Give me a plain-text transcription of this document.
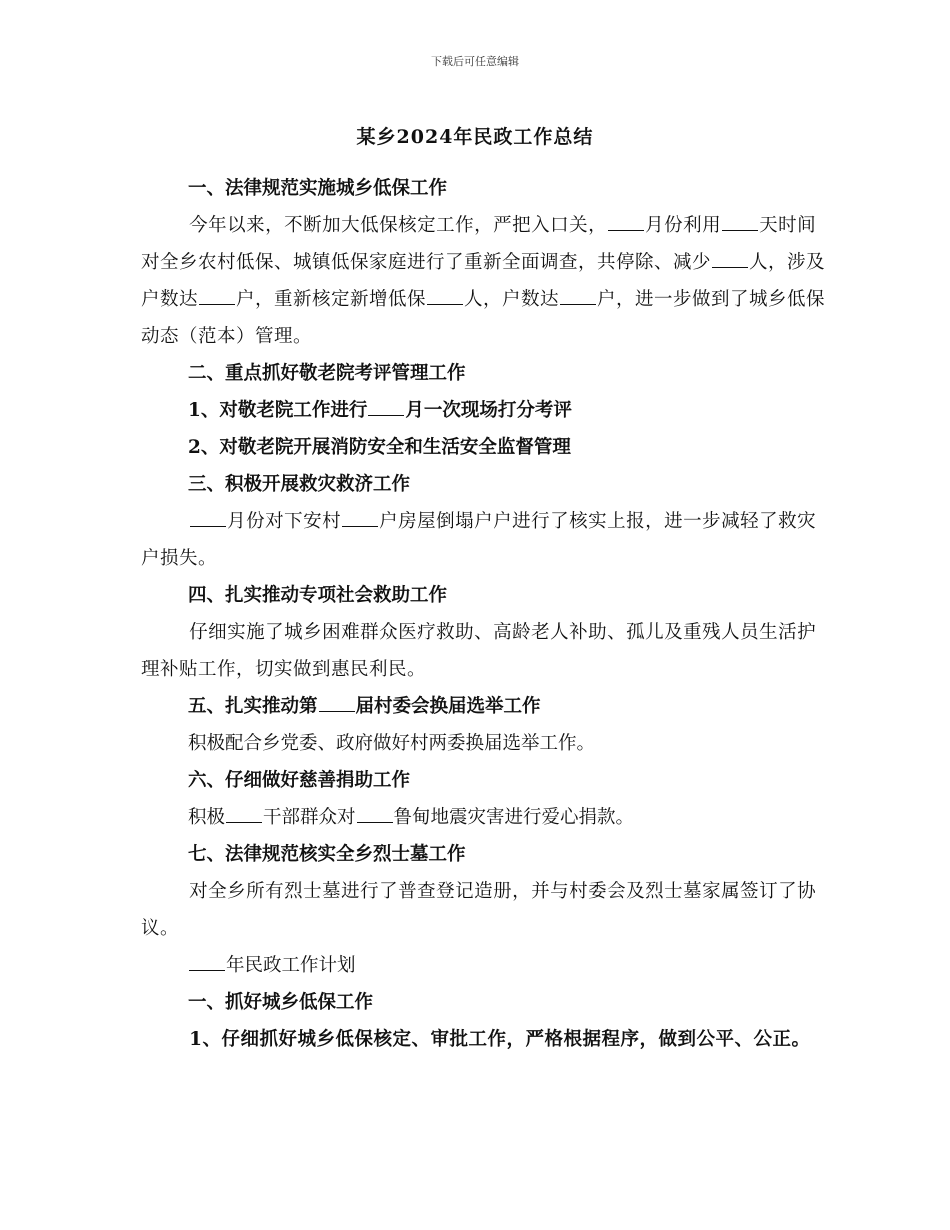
下载后可任意编辑
某乡2024年民政工作总结

一、法律规范实施城乡低保工作

今年以来，不断加大低保核定工作，严把入口关， 月份利用 天时间对全乡农村低保、城镇低保家庭进行了重新全面调查，共停除、减少 人，涉及户数达 户，重新核定新增低保 人，户数达 户，进一步做到了城乡低保动态（范本）管理。

二、重点抓好敬老院考评管理工作

1、对敬老院工作进行 月一次现场打分考评

2、对敬老院开展消防安全和生活安全监督管理

三、积极开展救灾救济工作

月份对下安村 户房屋倒塌户户进行了核实上报，进一步减轻了救灾户损失。

四、扎实推动专项社会救助工作

仔细实施了城乡困难群众医疗救助、高龄老人补助、孤儿及重残人员生活护理补贴工作，切实做到惠民利民。

五、扎实推动第 届村委会换届选举工作

积极配合乡党委、政府做好村两委换届选举工作。

六、仔细做好慈善捐助工作

积极 干部群众对 鲁甸地震灾害进行爱心捐款。

七、法律规范核实全乡烈士墓工作

对全乡所有烈士墓进行了普查登记造册，并与村委会及烈士墓家属签订了协议。

年民政工作计划

一、抓好城乡低保工作

1、仔细抓好城乡低保核定、审批工作，严格根据程序，做到公平、公正。
